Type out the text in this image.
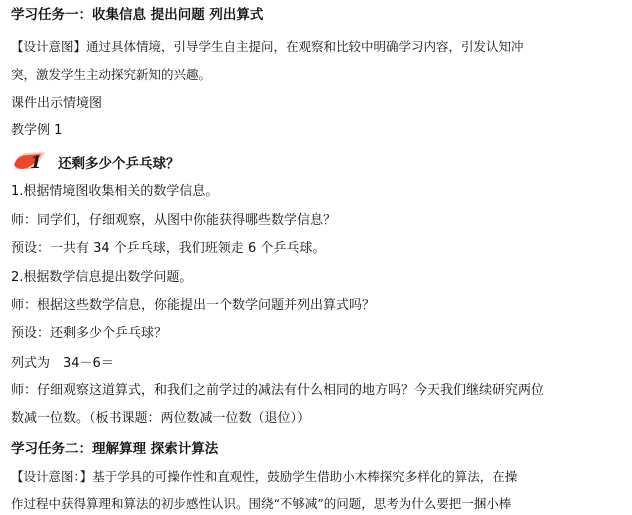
学习任务一：收集信息 提出问题 列出算式
【设计意图】通过具体情境，引导学生自主提问，在观察和比较中明确学习内容，引发认知冲
突，激发学生主动探究新知的兴趣。
课件出示情境图
教学例 1
1 还剩多少个乒乓球？
1.根据情境图收集相关的数学信息。
师：同学们，仔细观察，从图中你能获得哪些数学信息？
预设：一共有 34 个乒乓球，我们班领走 6 个乒乓球。
2.根据数学信息提出数学问题。
师：根据这些数学信息，你能提出一个数学问题并列出算式吗？
预设：还剩多少个乒乓球？
列式为　34－6＝
师：仔细观察这道算式，和我们之前学过的减法有什么相同的地方吗？今天我们继续研究两位
数减一位数。（板书课题：两位数减一位数（退位））
学习任务二：理解算理 探索计算法
【设计意图：】基于学具的可操作性和直观性，鼓励学生借助小木棒探究多样化的算法，在操
作过程中获得算理和算法的初步感性认识。围绕“不够减”的问题，思考为什么要把一捆小棒
